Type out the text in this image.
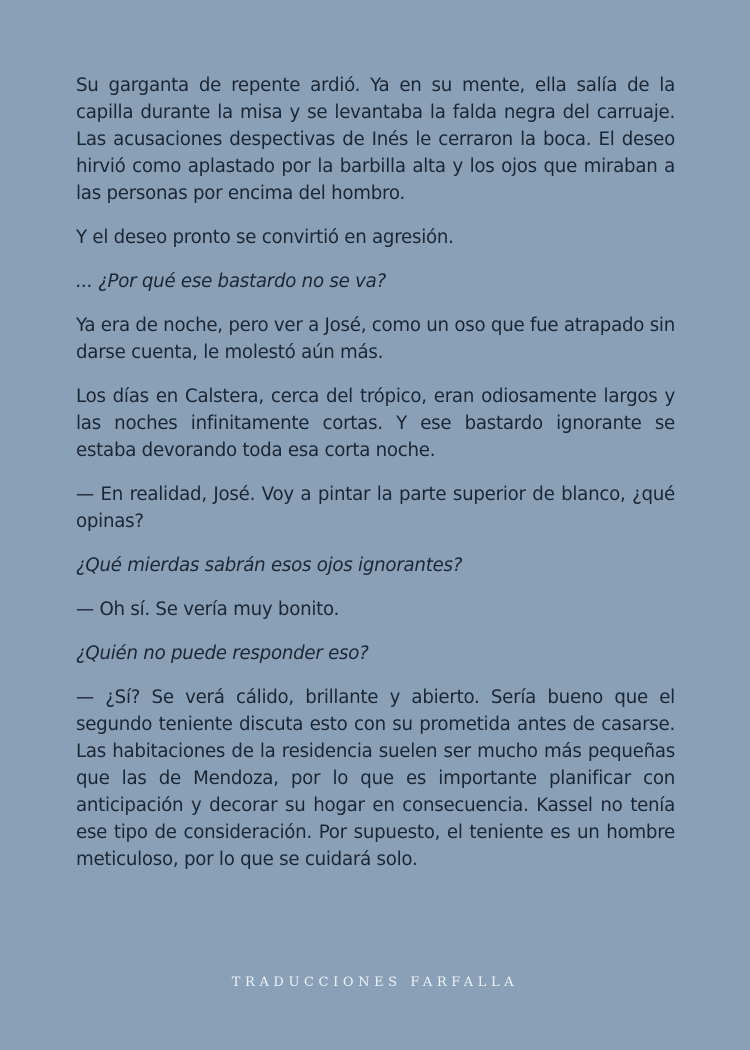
Su garganta de repente ardió. Ya en su mente, ella salía de la capilla durante la misa y se levantaba la falda negra del carruaje. Las acusaciones despectivas de Inés le cerraron la boca. El deseo hirvió como aplastado por la barbilla alta y los ojos que miraban a las personas por encima del hombro.

Y el deseo pronto se convirtió en agresión.

... ¿Por qué ese bastardo no se va?

Ya era de noche, pero ver a José, como un oso que fue atrapado sin darse cuenta, le molestó aún más.

Los días en Calstera, cerca del trópico, eran odiosamente largos y las noches infinitamente cortas. Y ese bastardo ignorante se estaba devorando toda esa corta noche.

— En realidad, José. Voy a pintar la parte superior de blanco, ¿qué opinas?

¿Qué mierdas sabrán esos ojos ignorantes?

— Oh sí. Se vería muy bonito.

¿Quién no puede responder eso?

— ¿Sí? Se verá cálido, brillante y abierto. Sería bueno que el segundo teniente discuta esto con su prometida antes de casarse. Las habitaciones de la residencia suelen ser mucho más pequeñas que las de Mendoza, por lo que es importante planificar con anticipación y decorar su hogar en consecuencia. Kassel no tenía ese tipo de consideración. Por supuesto, el teniente es un hombre meticuloso, por lo que se cuidará solo.

TRADUCCIONES FARFALLA
